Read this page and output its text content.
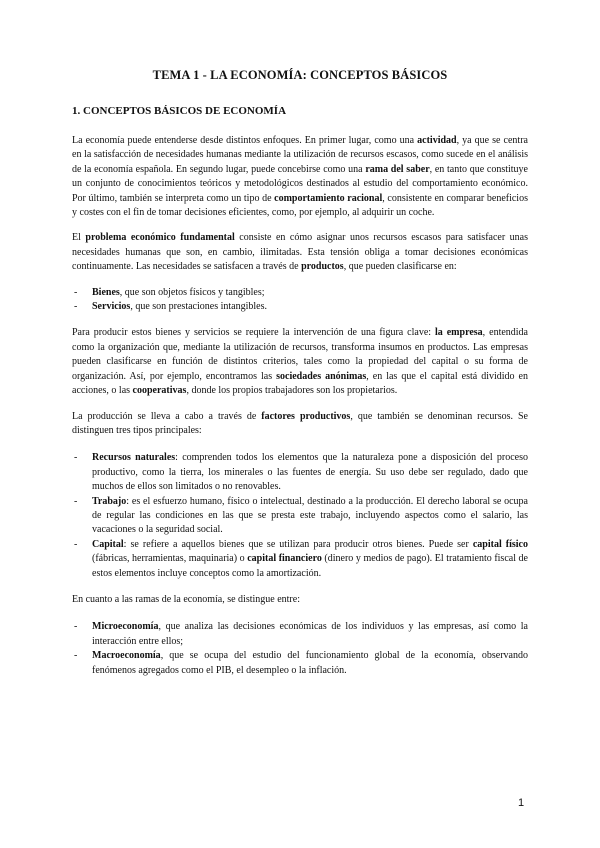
TEMA 1 - LA ECONOMÍA: CONCEPTOS BÁSICOS
1. CONCEPTOS BÁSICOS DE ECONOMÍA

La economía puede entenderse desde distintos enfoques. En primer lugar, como una actividad, ya que se centra en la satisfacción de necesidades humanas mediante la utilización de recursos escasos, como sucede en el análisis de la economía española. En segundo lugar, puede concebirse como una rama del saber, en tanto que constituye un conjunto de conocimientos teóricos y metodológicos destinados al estudio del comportamiento económico. Por último, también se interpreta como un tipo de comportamiento racional, consistente en comparar beneficios y costes con el fin de tomar decisiones eficientes, como, por ejemplo, al adquirir un coche.

El problema económico fundamental consiste en cómo asignar unos recursos escasos para satisfacer unas necesidades humanas que son, en cambio, ilimitadas. Esta tensión obliga a tomar decisiones económicas continuamente. Las necesidades se satisfacen a través de productos, que pueden clasificarse en:

- Bienes, que son objetos físicos y tangibles;
- Servicios, que son prestaciones intangibles.

Para producir estos bienes y servicios se requiere la intervención de una figura clave: la empresa, entendida como la organización que, mediante la utilización de recursos, transforma insumos en productos. Las empresas pueden clasificarse en función de distintos criterios, tales como la propiedad del capital o su forma de organización. Así, por ejemplo, encontramos las sociedades anónimas, en las que el capital está dividido en acciones, o las cooperativas, donde los propios trabajadores son los propietarios.

La producción se lleva a cabo a través de factores productivos, que también se denominan recursos. Se distinguen tres tipos principales:

- Recursos naturales: comprenden todos los elementos que la naturaleza pone a disposición del proceso productivo, como la tierra, los minerales o las fuentes de energía. Su uso debe ser regulado, dado que muchos de ellos son limitados o no renovables.
- Trabajo: es el esfuerzo humano, físico o intelectual, destinado a la producción. El derecho laboral se ocupa de regular las condiciones en las que se presta este trabajo, incluyendo aspectos como el salario, las vacaciones o la seguridad social.
- Capital: se refiere a aquellos bienes que se utilizan para producir otros bienes. Puede ser capital físico (fábricas, herramientas, maquinaria) o capital financiero (dinero y medios de pago). El tratamiento fiscal de estos elementos incluye conceptos como la amortización.

En cuanto a las ramas de la economía, se distingue entre:

- Microeconomía, que analiza las decisiones económicas de los individuos y las empresas, así como la interacción entre ellos;
- Macroeconomía, que se ocupa del estudio del funcionamiento global de la economía, observando fenómenos agregados como el PIB, el desempleo o la inflación.
1
